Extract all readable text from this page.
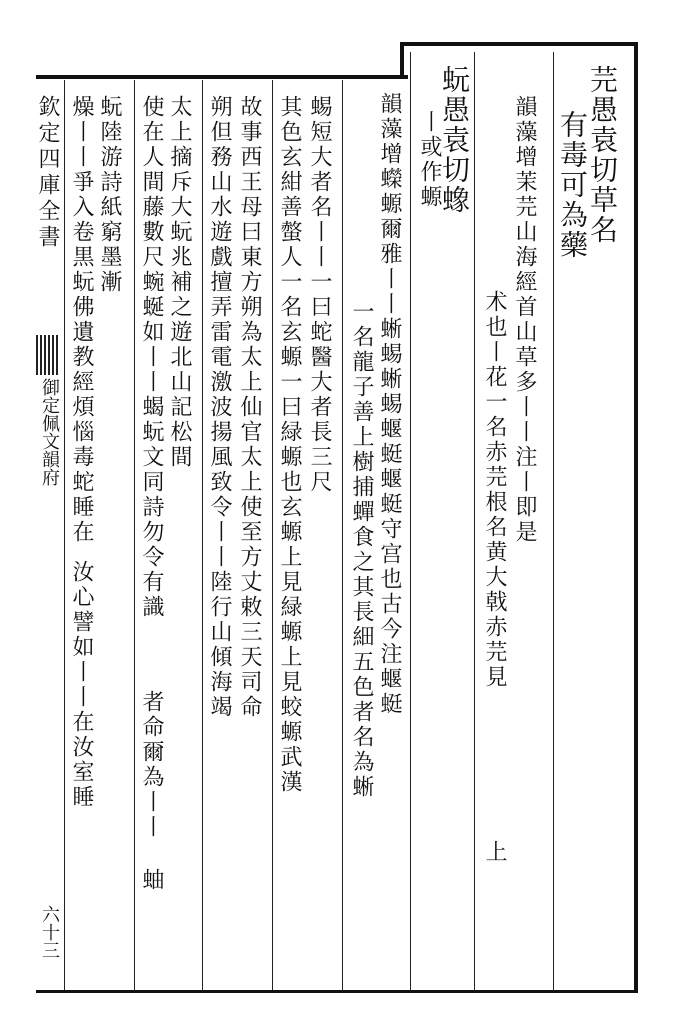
欽定四庫全書
御定佩文韻府
六十三
芫愚袁切草名
有毒可為藥
韻藻增茉芫山海經首山草多丨丨注丨即是
术也丨花一名赤芫根名黄大戟赤芫見
上
蚖愚袁切蟓
丨或作螈
韻藻增蠑螈爾雅丨丨蜥蜴蜥蜴蝘蜓蝘蜓守宫也古今注蝘蜓
一名龍子善上樹捕蟬食之其長細五色者名為蜥
蜴短大者名丨丨一曰蛇醫大者長三尺
其色玄紺善螫人一名玄螈一曰緑螈也玄螈上見緑螈上見蛟螈武漢
故事西王母曰東方朔為太上仙官太上使至方丈敕三天司命
朔但務山水遊戲擅弄雷電激波揚風致令丨丨陸行山傾海竭
太上摘斥大蚖兆補之遊北山記松間
使在人間藤數尺蜿蜒如丨丨蝎蚖文同詩勿令有識
者命爾為丨丨 蚰
蚖陸游詩紙窮墨漸
燥丨丨爭入卷黒蚖佛遺教經煩惱毒蛇睡在
汝心譬如丨丨在汝室睡
